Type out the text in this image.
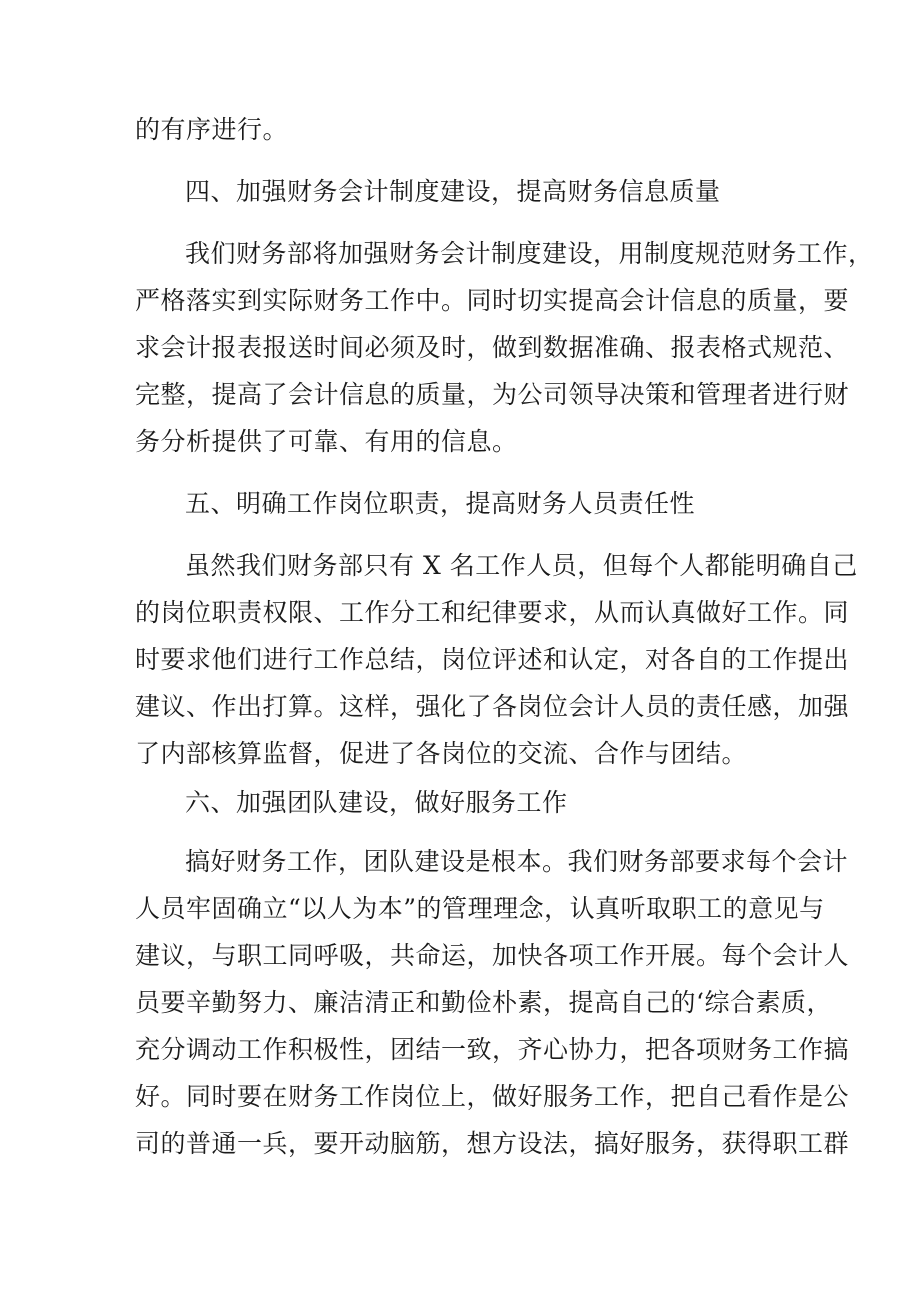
的有序进行。
四、加强财务会计制度建设，提高财务信息质量
我们财务部将加强财务会计制度建设，用制度规范财务工作，
严格落实到实际财务工作中。同时切实提高会计信息的质量，要
求会计报表报送时间必须及时，做到数据准确、报表格式规范、
完整，提高了会计信息的质量，为公司领导决策和管理者进行财
务分析提供了可靠、有用的信息。
五、明确工作岗位职责，提高财务人员责任性
虽然我们财务部只有 X 名工作人员，但每个人都能明确自己
的岗位职责权限、工作分工和纪律要求，从而认真做好工作。同
时要求他们进行工作总结，岗位评述和认定，对各自的工作提出
建议、作出打算。这样，强化了各岗位会计人员的责任感，加强
了内部核算监督，促进了各岗位的交流、合作与团结。
六、加强团队建设，做好服务工作
搞好财务工作，团队建设是根本。我们财务部要求每个会计
人员牢固确立“以人为本”的管理理念，认真听取职工的意见与
建议，与职工同呼吸，共命运，加快各项工作开展。每个会计人
员要辛勤努力、廉洁清正和勤俭朴素，提高自己的‘综合素质，
充分调动工作积极性，团结一致，齐心协力，把各项财务工作搞
好。同时要在财务工作岗位上，做好服务工作，把自己看作是公
司的普通一兵，要开动脑筋，想方设法，搞好服务，获得职工群
